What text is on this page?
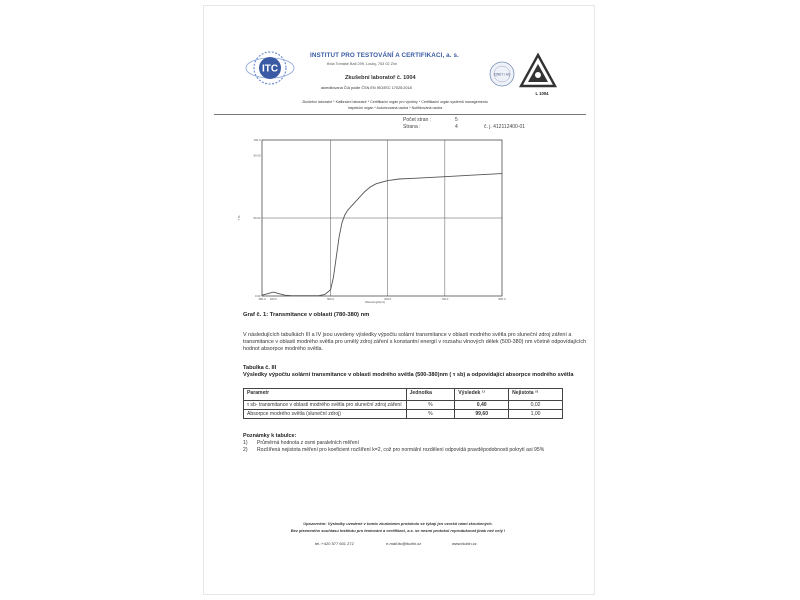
ITC
INSTITUT PRO TESTOVÁNÍ A CERTIFIKACI, a. s.
třída Tomáše Bati 299, Louky, 763 02 Zlín
Zkušební laboratoř č. 1004
akreditovaná ČIA podle ČSN EN ISO/IEC 17025:2018
IQNET / AQ
L 1004
Zkušební laboratoř * Kalibrační laboratoř * Certifikační orgán pro výrobky * Certifikační orgán systémů managementu
Inspekční orgán * Autorizovaná osoba * Notifikovaná osoba
Počet stran :	5
Strana :	4	č. j. 412112400-01
380.0 400.0	500.0	600.0	700.0	800.0
100.0
90.00
50.00
0.00
T %
Wavelength[nm]
Graf č. 1: Transmitance v oblasti (780-380) nm
V následujících tabulkách III a IV jsou uvedeny výsledky výpočtu solární transmitance v oblasti modrého světla pro sluneční zdroj záření a transmitance v oblasti modrého světla pro umělý zdroj záření s konstantní energií v rozsahu vlnových délek (500-380) nm včetně odpovídajících hodnot absorpce modrého světla.
Tabulka č. III
Výsledky výpočtu solární transmitance v oblasti modrého světla (500-380)nm ( τ sb) a odpovídající absorpce modrého světla
Parametr	Jednotka	Výsledek ¹⁾	Nejistota ²⁾
τ sb- transmitance v oblasti modrého světla pro sluneční zdroj záření	%	0,40	0,02
Absorpce modrého světla (sluneční zdroj)	%	99,60	1,00
Poznámky k tabulce:
1) Průměrná hodnota z osmi paralelních měření
2) Rozšířená nejistota měření pro koeficient rozšíření k=2, což pro normální rozdělení odpovídá pravděpodobnosti pokrytí asi 95%
Upozornění: Výsledky uvedené v tomto zkušebním protokolu se týkají jen vzorků námi zkoušených.
Bez písemného souhlasu Institutu pro testování a certifikaci, a.s. se nesmí protokol reprodukovat jinak než celý !
tel.:+420 577 601 272	e-mail:itc@itczlin.cz	www.itczlin.cz
